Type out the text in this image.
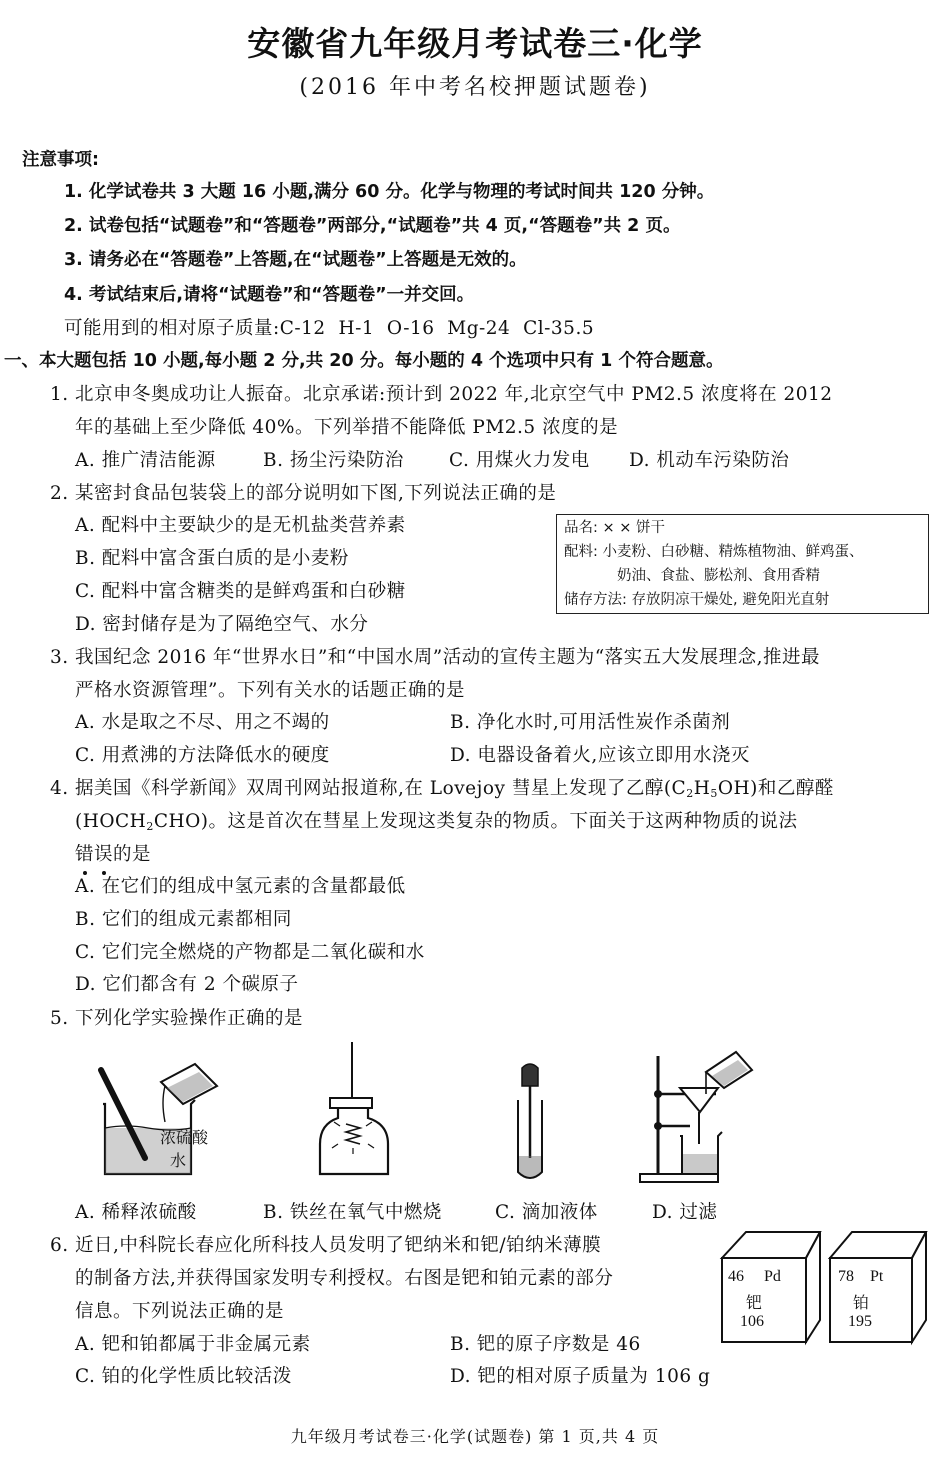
安徽省九年级月考试卷三·化学
(2016 年中考名校押题试题卷)
注意事项:
1. 化学试卷共 3 大题 16 小题,满分 60 分。化学与物理的考试时间共 120 分钟。
2. 试卷包括“试题卷”和“答题卷”两部分,“试题卷”共 4 页,“答题卷”共 2 页。
3. 请务必在“答题卷”上答题,在“试题卷”上答题是无效的。
4. 考试结束后,请将“试题卷”和“答题卷”一并交回。
可能用到的相对原子质量:C-12  H-1  O-16  Mg-24  Cl-35.5
一、本大题包括 10 小题,每小题 2 分,共 20 分。每小题的 4 个选项中只有 1 个符合题意。
1. 北京申冬奥成功让人振奋。北京承诺:预计到 2022 年,北京空气中 PM2.5 浓度将在 2012
年的基础上至少降低 40%。下列举措不能降低 PM2.5 浓度的是
A. 推广清洁能源	B. 扬尘污染防治 C. 用煤火力发电 D. 机动车污染防治
2. 某密封食品包装袋上的部分说明如下图,下列说法正确的是
A. 配料中主要缺少的是无机盐类营养素
B. 配料中富含蛋白质的是小麦粉
C. 配料中富含糖类的是鲜鸡蛋和白砂糖
D. 密封储存是为了隔绝空气、水分
品名: × × 饼干
配料: 小麦粉、白砂糖、精炼植物油、鲜鸡蛋、
奶油、食盐、膨松剂、食用香精
储存方法: 存放阴凉干燥处, 避免阳光直射
3. 我国纪念 2016 年“世界水日”和“中国水周”活动的宣传主题为“落实五大发展理念,推进最
严格水资源管理”。下列有关水的话题正确的是
A. 水是取之不尽、用之不竭的	B. 净化水时,可用活性炭作杀菌剂
C. 用煮沸的方法降低水的硬度	D. 电器设备着火,应该立即用水浇灭
4. 据美国《科学新闻》双周刊网站报道称,在 Lovejoy 彗星上发现了乙醇$(C_2H_5OH)$和乙醇醛
$(HOCH_2CHO)$。这是首次在彗星上发现这类复杂的物质。下面关于这两种物质的说法
错误的是
A. 在它们的组成中氢元素的含量都最低
B. 它们的组成元素都相同
C. 它们完全燃烧的产物都是二氧化碳和水
D. 它们都含有 2 个碳原子
5. 下列化学实验操作正确的是
浓硫酸
水
A. 稀释浓硫酸	B. 铁丝在氧气中燃烧	C. 滴加液体	D. 过滤
6. 近日,中科院长春应化所科技人员发明了钯纳米和钯/铂纳米薄膜
的制备方法,并获得国家发明专利授权。右图是钯和铂元素的部分
信息。下列说法正确的是
A. 钯和铂都属于非金属元素	B. 钯的原子序数是 46
C. 铂的化学性质比较活泼	D. 钯的相对原子质量为 106 g
46 Pd
钯
106
78 Pt
铂
195
九年级月考试卷三·化学(试题卷) 第 1 页,共 4 页
